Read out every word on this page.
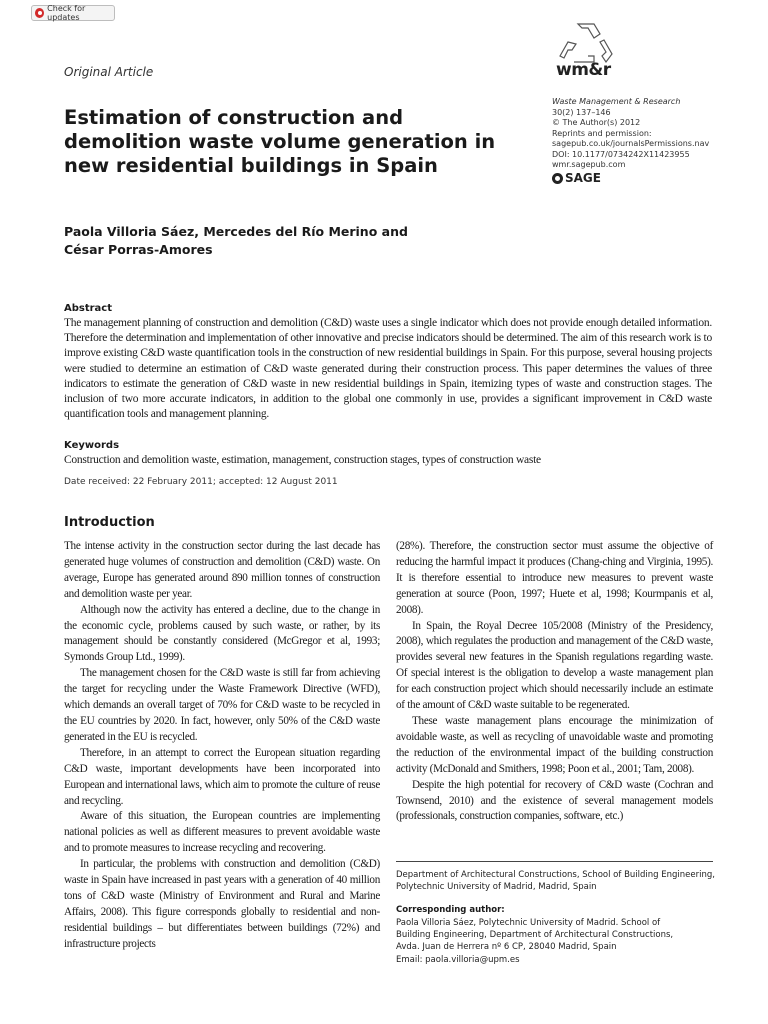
Check for updates
Original Article	wm&r
Estimation of construction and demolition waste volume generation in new residential buildings in Spain
Waste Management & Research
30(2) 137–146
© The Author(s) 2012
Reprints and permission:
sagepub.co.uk/journalsPermissions.nav
DOI: 10.1177/0734242X11423955
wmr.sagepub.com
SAGE
Paola Villoria Sáez, Mercedes del Río Merino and
César Porras-Amores
Abstract
The management planning of construction and demolition (C&D) waste uses a single indicator which does not provide enough detailed information. Therefore the determination and implementation of other innovative and precise indicators should be determined. The aim of this research work is to improve existing C&D waste quantification tools in the construction of new residential buildings in Spain. For this purpose, several housing projects were studied to determine an estimation of C&D waste generated during their construction process. This paper determines the values of three indicators to estimate the generation of C&D waste in new residential buildings in Spain, itemizing types of waste and construction stages. The inclusion of two more accurate indicators, in addition to the global one commonly in use, provides a significant improvement in C&D waste quantification tools and management planning.
Keywords
Construction and demolition waste, estimation, management, construction stages, types of construction waste
Date received: 22 February 2011; accepted: 12 August 2011
Introduction

The intense activity in the construction sector during the last decade has generated huge volumes of construction and demolition (C&D) waste. On average, Europe has generated around 890 million tonnes of construction and demolition waste per year.

Although now the activity has entered a decline, due to the change in the economic cycle, problems caused by such waste, or rather, by its management should be constantly considered (McGregor et al, 1993; Symonds Group Ltd., 1999).

The management chosen for the C&D waste is still far from achieving the target for recycling under the Waste Framework Directive (WFD), which demands an overall target of 70% for C&D waste to be recycled in the EU countries by 2020. In fact, however, only 50% of the C&D waste generated in the EU is recycled.

Therefore, in an attempt to correct the European situation regarding C&D waste, important developments have been incorporated into European and international laws, which aim to promote the culture of reuse and recycling.

Aware of this situation, the European countries are implementing national policies as well as different measures to prevent avoidable waste and to promote measures to increase recycling and recovering.

In particular, the problems with construction and demolition (C&D) waste in Spain have increased in past years with a generation of 40 million tons of C&D waste (Ministry of Environment and Rural and Marine Affairs, 2008). This figure corresponds globally to residential and non-residential buildings – but differentiates between buildings (72%) and infrastructure projects

(28%). Therefore, the construction sector must assume the objective of reducing the harmful impact it produces (Chang-ching and Virginia, 1995). It is therefore essential to introduce new measures to prevent waste generation at source (Poon, 1997; Huete et al, 1998; Kourmpanis et al, 2008).

In Spain, the Royal Decree 105/2008 (Ministry of the Presidency, 2008), which regulates the production and management of the C&D waste, provides several new features in the Spanish regulations regarding waste. Of special interest is the obligation to develop a waste management plan for each construction project which should necessarily include an estimate of the amount of C&D waste suitable to be regenerated.

These waste management plans encourage the minimization of avoidable waste, as well as recycling of unavoidable waste and promoting the reduction of the environmental impact of the building construction activity (McDonald and Smithers, 1998; Poon et al., 2001; Tam, 2008).

Despite the high potential for recovery of C&D waste (Cochran and Townsend, 2010) and the existence of several management models (professionals, construction companies, software, etc.)

Department of Architectural Constructions, School of Building Engineering, Polytechnic University of Madrid, Madrid, Spain
Corresponding author:
Paola Villoria Sáez, Polytechnic University of Madrid. School of
Building Engineering, Department of Architectural Constructions,
Avda. Juan de Herrera nº 6 CP, 28040 Madrid, Spain
Email: paola.villoria@upm.es
